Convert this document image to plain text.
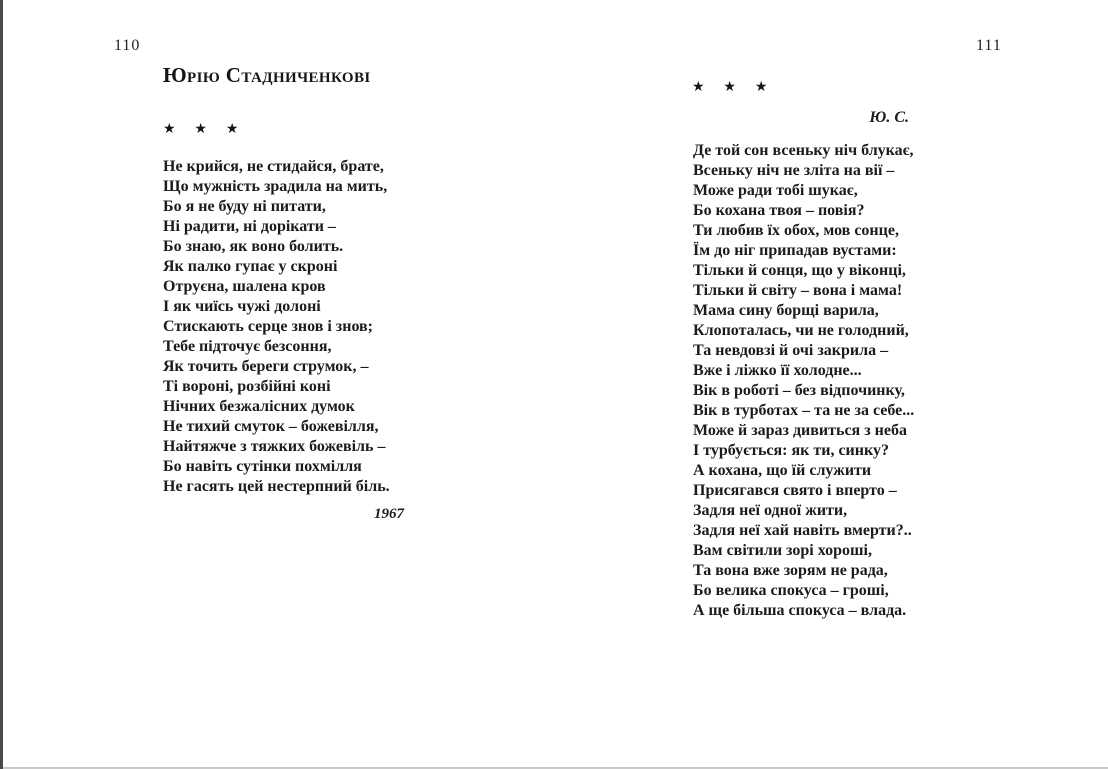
110
Юрію Стадниченкові
★ ★ ★
Не крийся, не стидайся, брате,
Що мужність зрадила на мить,
Бо я не буду ні питати,
Ні радити, ні дорікати –
Бо знаю, як воно болить.
Як палко гупає у скроні
Отруєна, шалена кров
І як чиїсь чужі долоні
Стискають серце знов і знов;
Тебе підточує безсоння,
Як точить береги струмок, –
Ті вороні, розбійні коні
Нічних безжалісних думок
Не тихий смуток – божевілля,
Найтяжче з тяжких божевіль –
Бо навіть сутінки похмілля
Не гасять цей нестерпний біль.
1967
111
★ ★ ★
Ю. С.
Де той сон всеньку ніч блукає,
Всеньку ніч не зліта на вії –
Може ради тобі шукає,
Бо кохана твоя – повія?
Ти любив їх обох, мов сонце,
Їм до ніг припадав вустами:
Тільки й сонця, що у віконці,
Тільки й світу – вона і мама!
Мама сину борщі варила,
Клопоталась, чи не голодний,
Та невдовзі й очі закрила –
Вже і ліжко її холодне...
Вік в роботі – без відпочинку,
Вік в турботах – та не за себе...
Може й зараз дивиться з неба
І турбується: як ти, синку?
А кохана, що їй служити
Присягався свято і вперто –
Задля неї одної жити,
Задля неї хай навіть вмерти?..
Вам світили зорі хороші,
Та вона вже зорям не рада,
Бо велика спокуса – гроші,
А ще більша спокуса – влада.
